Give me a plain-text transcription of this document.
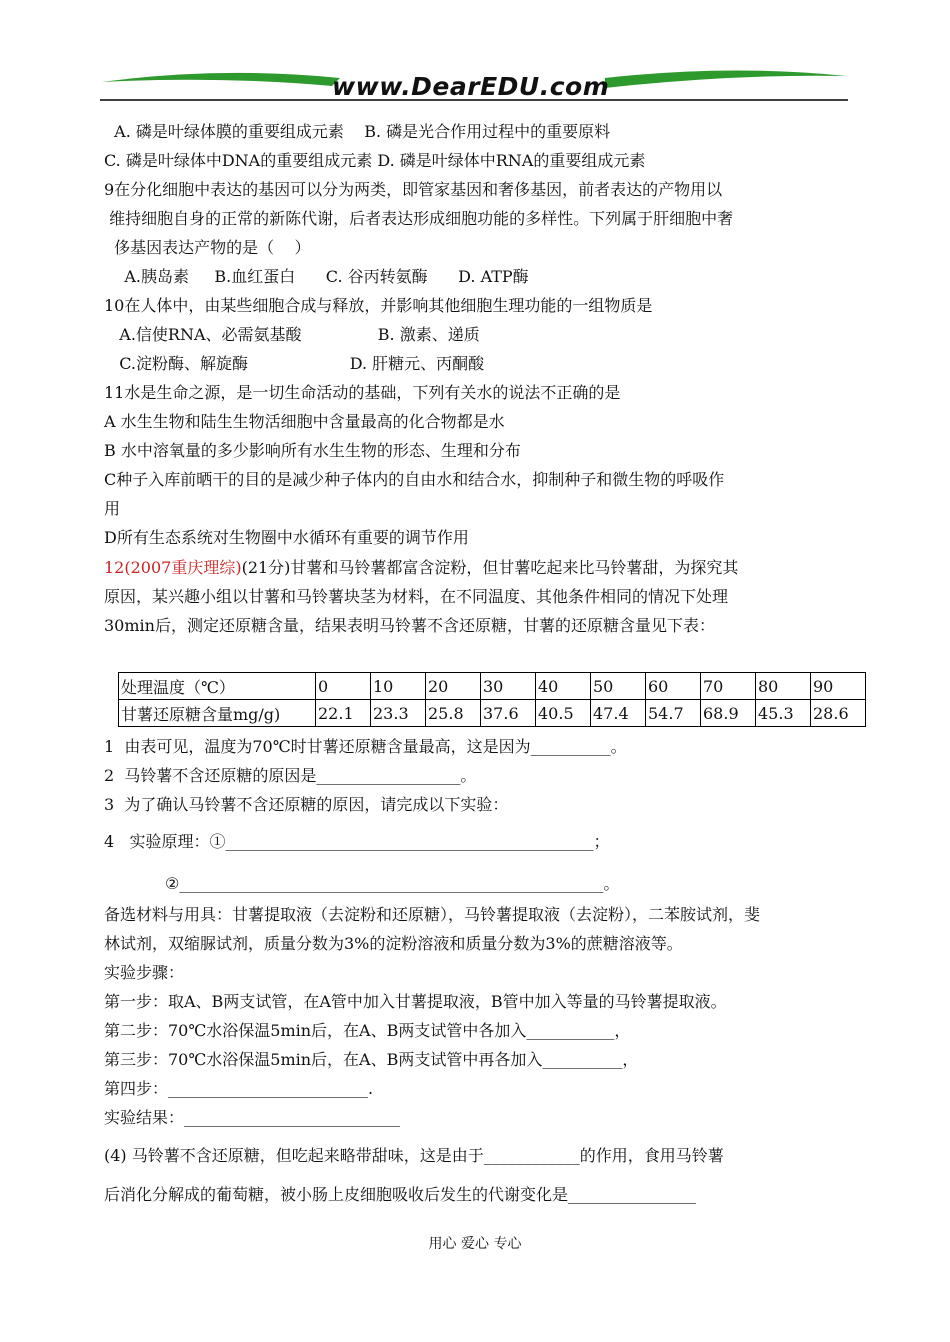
www.DearEDU.com
A. 磷是叶绿体膜的重要组成元素    B. 磷是光合作用过程中的重要原料
C. 磷是叶绿体中DNA的重要组成元素 D. 磷是叶绿体中RNA的重要组成元素
9在分化细胞中表达的基因可以分为两类，即管家基因和奢侈基因，前者表达的产物用以
维持细胞自身的正常的新陈代谢，后者表达形成细胞功能的多样性。下列属于肝细胞中奢
侈基因表达产物的是（    ）
A.胰岛素     B.血红蛋白      C. 谷丙转氨酶      D. ATP酶
10在人体中，由某些细胞合成与释放，并影响其他细胞生理功能的一组物质是
A.信使RNA、必需氨基酸               B. 激素、递质
C.淀粉酶、解旋酶                    D. 肝糖元、丙酮酸
11水是生命之源，是一切生命活动的基础，下列有关水的说法不正确的是
A 水生生物和陆生生物活细胞中含量最高的化合物都是水
B 水中溶氧量的多少影响所有水生生物的形态、生理和分布
C种子入库前晒干的目的是减少种子体内的自由水和结合水，抑制种子和微生物的呼吸作
用
D所有生态系统对生物圈中水循环有重要的调节作用
12(2007重庆理综)(21分)甘薯和马铃薯都富含淀粉，但甘薯吃起来比马铃薯甜，为探究其
原因，某兴趣小组以甘薯和马铃薯块茎为材料，在不同温度、其他条件相同的情况下处理
30min后，测定还原糖含量，结果表明马铃薯不含还原糖，甘薯的还原糖含量见下表：
1  由表可见，温度为70℃时甘薯还原糖含量最高，这是因为__________。
2  马铃薯不含还原糖的原因是__________________。
3  为了确认马铃薯不含还原糖的原因，请完成以下实验：
4   实验原理：①______________________________________________；
②_____________________________________________________。
备选材料与用具：甘薯提取液（去淀粉和还原糖），马铃薯提取液（去淀粉），二苯胺试剂，斐
林试剂，双缩脲试剂，质量分数为3%的淀粉溶液和质量分数为3%的蔗糖溶液等。
实验步骤：
第一步：取A、B两支试管，在A管中加入甘薯提取液，B管中加入等量的马铃薯提取液。
第二步：70℃水浴保温5min后，在A、B两支试管中各加入___________，
第三步：70℃水浴保温5min后，在A、B两支试管中再各加入__________，
第四步：_________________________.
实验结果：___________________________
(4) 马铃薯不含还原糖，但吃起来略带甜味，这是由于____________的作用，食用马铃薯
后消化分解成的葡萄糖，被小肠上皮细胞吸收后发生的代谢变化是________________
处理温度（℃）	0	10	20	30	40	50	60	70	80	90
甘薯还原糖含量mg/g)	22.1	23.3	25.8	37.6	40.5	47.4	54.7	68.9	45.3	28.6
用心 爱心 专心
